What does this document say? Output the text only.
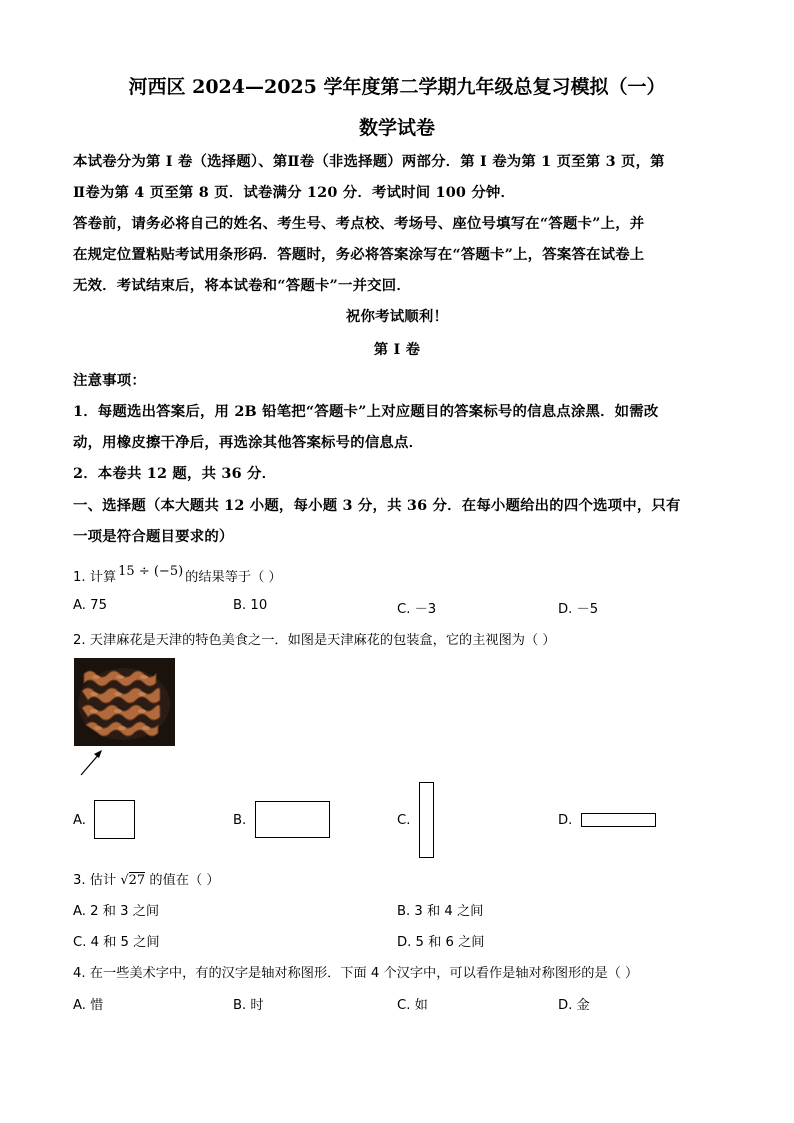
河西区 2024—2025 学年度第二学期九年级总复习模拟（一）
数学试卷
本试卷分为第 I 卷（选择题）、第Ⅱ卷（非选择题）两部分．第 I 卷为第 1 页至第 3 页，第
Ⅱ卷为第 4 页至第 8 页．试卷满分 120 分．考试时间 100 分钟．
答卷前，请务必将自己的姓名、考生号、考点校、考场号、座位号填写在“答题卡”上，并
在规定位置粘贴考试用条形码．答题时，务必将答案涂写在“答题卡”上，答案答在试卷上
无效．考试结束后，将本试卷和“答题卡”一并交回．
祝你考试顺利！
第 I 卷
注意事项：
1．每题选出答案后，用 2B 铅笔把“答题卡”上对应题目的答案标号的信息点涂黑．如需改
动，用橡皮擦干净后，再选涂其他答案标号的信息点．
2．本卷共 12 题，共 36 分．
一、选择题（本大题共 12 小题，每小题 3 分，共 36 分．在每小题给出的四个选项中，只有
一项是符合题目要求的）
1. 计算 15 ÷ (−5) 的结果等于（ ）
A. 75	B. 10	C. －3	D. －5
2. 天津麻花是天津的特色美食之一．如图是天津麻花的包装盒，它的主视图为（ ）
A.	B.	C.	D.
3. 估计 √27 的值在（ ）
A. 2 和 3 之间	B. 3 和 4 之间
C. 4 和 5 之间	D. 5 和 6 之间
4. 在一些美术字中，有的汉字是轴对称图形．下面 4 个汉字中，可以看作是轴对称图形的是（ ）
A. 惜	B. 时	C. 如	D. 金
